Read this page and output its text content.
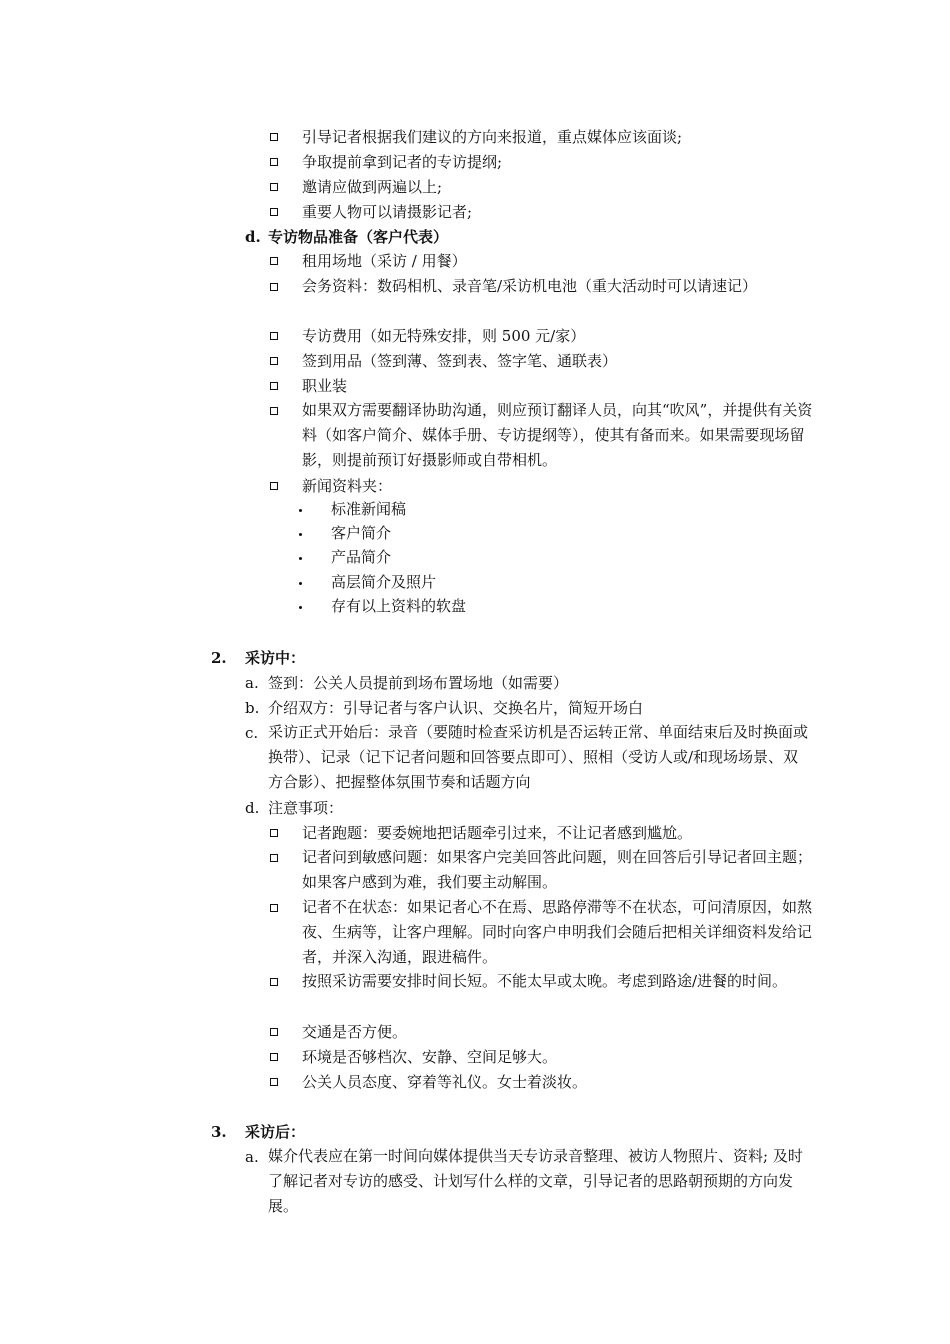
引导记者根据我们建议的方向来报道，重点媒体应该面谈;
争取提前拿到记者的专访提纲;
邀请应做到两遍以上;
重要人物可以请摄影记者;
d. 专访物品准备（客户代表）
租用场地（采访 / 用餐）
会务资料：数码相机、录音笔/采访机电池（重大活动时可以请速记）
专访费用（如无特殊安排，则 500 元/家）
签到用品（签到薄、签到表、签字笔、通联表）
职业装
如果双方需要翻译协助沟通，则应预订翻译人员，向其“吹风”，并提供有关资料（如客户简介、媒体手册、专访提纲等），使其有备而来。如果需要现场留影，则提前预订好摄影师或自带相机。
新闻资料夹：
标准新闻稿
客户简介
产品简介
高层简介及照片
存有以上资料的软盘
2. 采访中：
a. 签到：公关人员提前到场布置场地（如需要）
b. 介绍双方：引导记者与客户认识、交换名片，简短开场白
c. 采访正式开始后：录音（要随时检查采访机是否运转正常、单面结束后及时换面或换带）、记录（记下记者问题和回答要点即可）、照相（受访人或/和现场场景、双方合影）、把握整体氛围节奏和话题方向
d. 注意事项：
记者跑题：要委婉地把话题牵引过来，不让记者感到尴尬。
记者问到敏感问题：如果客户完美回答此问题，则在回答后引导记者回主题；如果客户感到为难，我们要主动解围。
记者不在状态：如果记者心不在焉、思路停滞等不在状态，可问清原因，如熬夜、生病等，让客户理解。同时向客户申明我们会随后把相关详细资料发给记者，并深入沟通，跟进稿件。
按照采访需要安排时间长短。不能太早或太晚。考虑到路途/进餐的时间。
交通是否方便。
环境是否够档次、安静、空间足够大。
公关人员态度、穿着等礼仪。女士着淡妆。
3. 采访后：
a. 媒介代表应在第一时间向媒体提供当天专访录音整理、被访人物照片、资料; 及时了解记者对专访的感受、计划写什么样的文章，引导记者的思路朝预期的方向发展。
